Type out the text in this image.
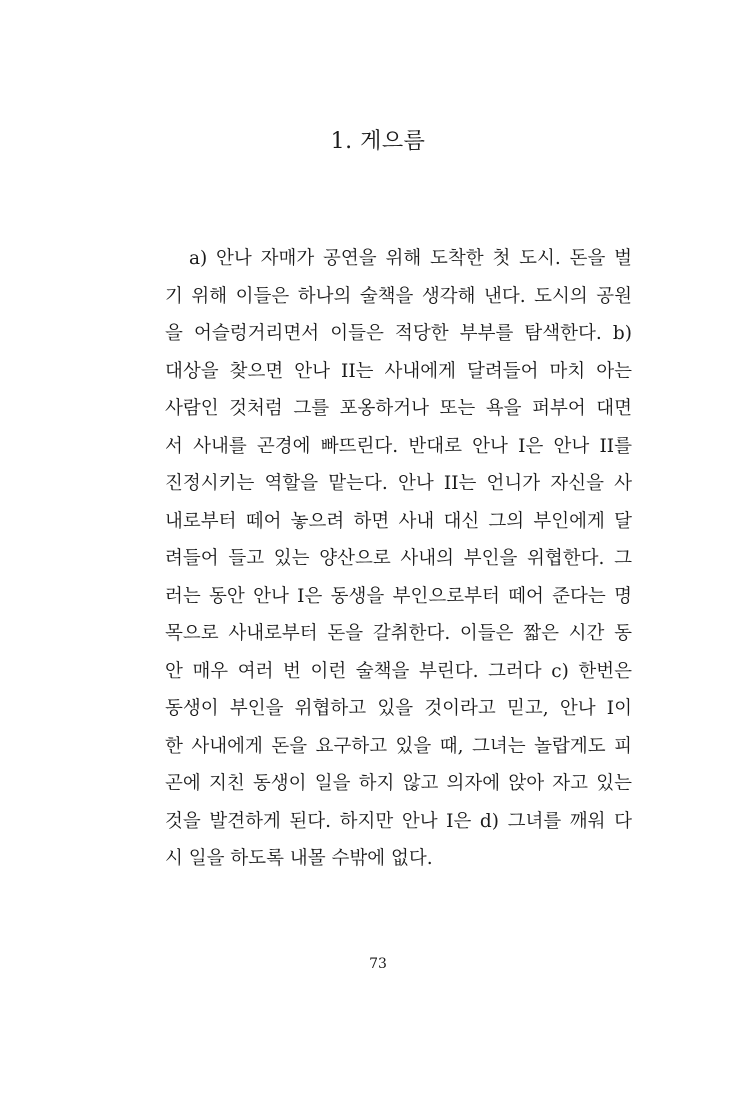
1. 게으름
a) 안나 자매가 공연을 위해 도착한 첫 도시. 돈을 벌
기 위해 이들은 하나의 술책을 생각해 낸다. 도시의 공원
을 어슬렁거리면서 이들은 적당한 부부를 탐색한다. b)
대상을 찾으면 안나 II는 사내에게 달려들어 마치 아는
사람인 것처럼 그를 포옹하거나 또는 욕을 퍼부어 대면
서 사내를 곤경에 빠뜨린다. 반대로 안나 I은 안나 II를
진정시키는 역할을 맡는다. 안나 II는 언니가 자신을 사
내로부터 떼어 놓으려 하면 사내 대신 그의 부인에게 달
려들어 들고 있는 양산으로 사내의 부인을 위협한다. 그
러는 동안 안나 I은 동생을 부인으로부터 떼어 준다는 명
목으로 사내로부터 돈을 갈취한다. 이들은 짧은 시간 동
안 매우 여러 번 이런 술책을 부린다. 그러다 c) 한번은
동생이 부인을 위협하고 있을 것이라고 믿고, 안나 I이
한 사내에게 돈을 요구하고 있을 때, 그녀는 놀랍게도 피
곤에 지친 동생이 일을 하지 않고 의자에 앉아 자고 있는
것을 발견하게 된다. 하지만 안나 I은 d) 그녀를 깨워 다
시 일을 하도록 내몰 수밖에 없다.
73
